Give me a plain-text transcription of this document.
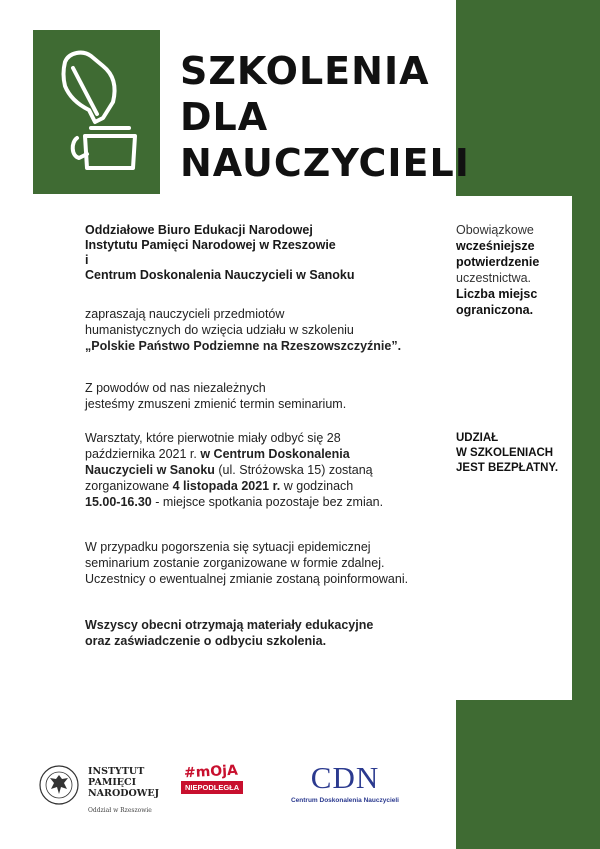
SZKOLENIA
DLA
NAUCZYCIELI
Oddziałowe Biuro Edukacji Narodowej
Instytutu Pamięci Narodowej w Rzeszowie
i
Centrum Doskonalenia Nauczycieli w Sanoku
zapraszają nauczycieli przedmiotów
humanistycznych do wzięcia udziału w szkoleniu
„Polskie Państwo Podziemne na Rzeszowszczyźnie”.
Z powodów od nas niezależnych
jesteśmy zmuszeni zmienić termin seminarium.
Warsztaty, które pierwotnie miały odbyć się 28
października 2021 r. w Centrum Doskonalenia
Nauczycieli w Sanoku (ul. Stróżowska 15) zostaną
zorganizowane 4 listopada 2021 r. w godzinach
15.00-16.30 - miejsce spotkania pozostaje bez zmian.
W przypadku pogorszenia się sytuacji epidemicznej
seminarium zostanie zorganizowane w formie zdalnej.
Uczestnicy o ewentualnej zmianie zostaną poinformowani.
Wszyscy obecni otrzymają materiały edukacyjne
oraz zaświadczenie o odbyciu szkolenia.
Obowiązkowe
wcześniejsze
potwierdzenie
uczestnictwa.
Liczba miejsc
ograniczona.
UDZIAŁ
W SZKOLENIACH
JEST BEZPŁATNY.
INSTYTUT
PAMIĘCI
NARODOWEJ
Oddział w Rzeszowie
#mOjA
NIEPODLEGŁA	CDN
Centrum Doskonalenia Nauczycieli
